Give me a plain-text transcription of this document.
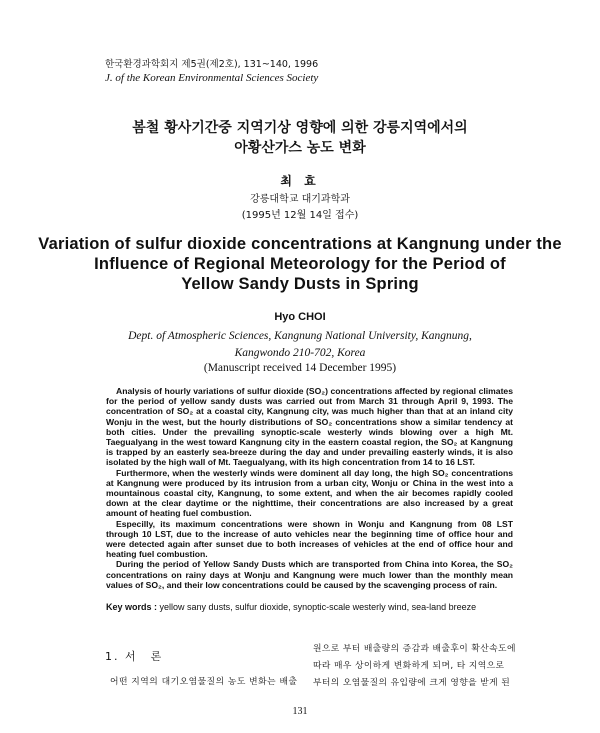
한국환경과학회지 제5권(제2호), 131~140, 1996
J. of the Korean Environmental Sciences Society
봄철 황사기간중 지역기상 영향에 의한 강릉지역에서의
아황산가스 농도 변화
최 효
강릉대학교 대기과학과
(1995년 12월 14일 접수)
Variation of sulfur dioxide concentrations at Kangnung under the
Influence of Regional Meteorology for the Period of
Yellow Sandy Dusts in Spring
Hyo CHOI
Dept. of Atmospheric Sciences, Kangnung National University, Kangnung,
Kangwondo 210-702, Korea
(Manuscript received 14 December 1995)

Analysis of hourly variations of sulfur dioxide (SO₂) concentrations affected by regional climates for the period of yellow sandy dusts was carried out from March 31 through April 9, 1993. The concentration of SO₂ at a coastal city, Kangnung city, was much higher than that at an inland city Wonju in the west, but the hourly distributions of SO₂ concentrations show a similar tendency at both cities. Under the prevailing synoptic-scale westerly winds blowing over a high Mt. Taegualyang in the west toward Kangnung city in the eastern coastal region, the SO₂ at Kangnung is trapped by an easterly sea-breeze during the day and under prevailing easterly winds, it is also isolated by the high wall of Mt. Taegualyang, with its high concentration from 14 to 16 LST.

Furthermore, when the westerly winds were dominent all day long, the high SO₂ concentrations at Kangnung were produced by its intrusion from a urban city, Wonju or China in the west into a mountainous coastal city, Kangnung, to some extent, and when the air becomes rapidly cooled down at the clear daytime or the nighttime, their concentrations are also increased by a great amount of heating fuel combustion.

Especilly, its maximum concentrations were shown in Wonju and Kangnung from 08 LST through 10 LST, due to the increase of auto vehicles near the beginning time of office hour and were detected again after sunset due to both increases of vehicles at the end of office hour and heating fuel combustion.

During the period of Yellow Sandy Dusts which are transported from China into Korea, the SO₂ concentrations on rainy days at Wonju and Kangnung were much lower than the monthly mean values of SO₂, and their low concentrations could be caused by the scavenging process of rain.

Key words : yellow sany dusts, sulfur dioxide, synoptic-scale westerly wind, sea-land breeze
1. 서　론
어떤 지역의 대기오염물질의 농도 변화는 배출
원으로 부터 배출량의 증감과 배출후이 확산속도에
따라 매우 상이하게 변화하게 되며, 타 지역으로
부터의 오염물질의 유입량에 크게 영향을 받게 된
131
